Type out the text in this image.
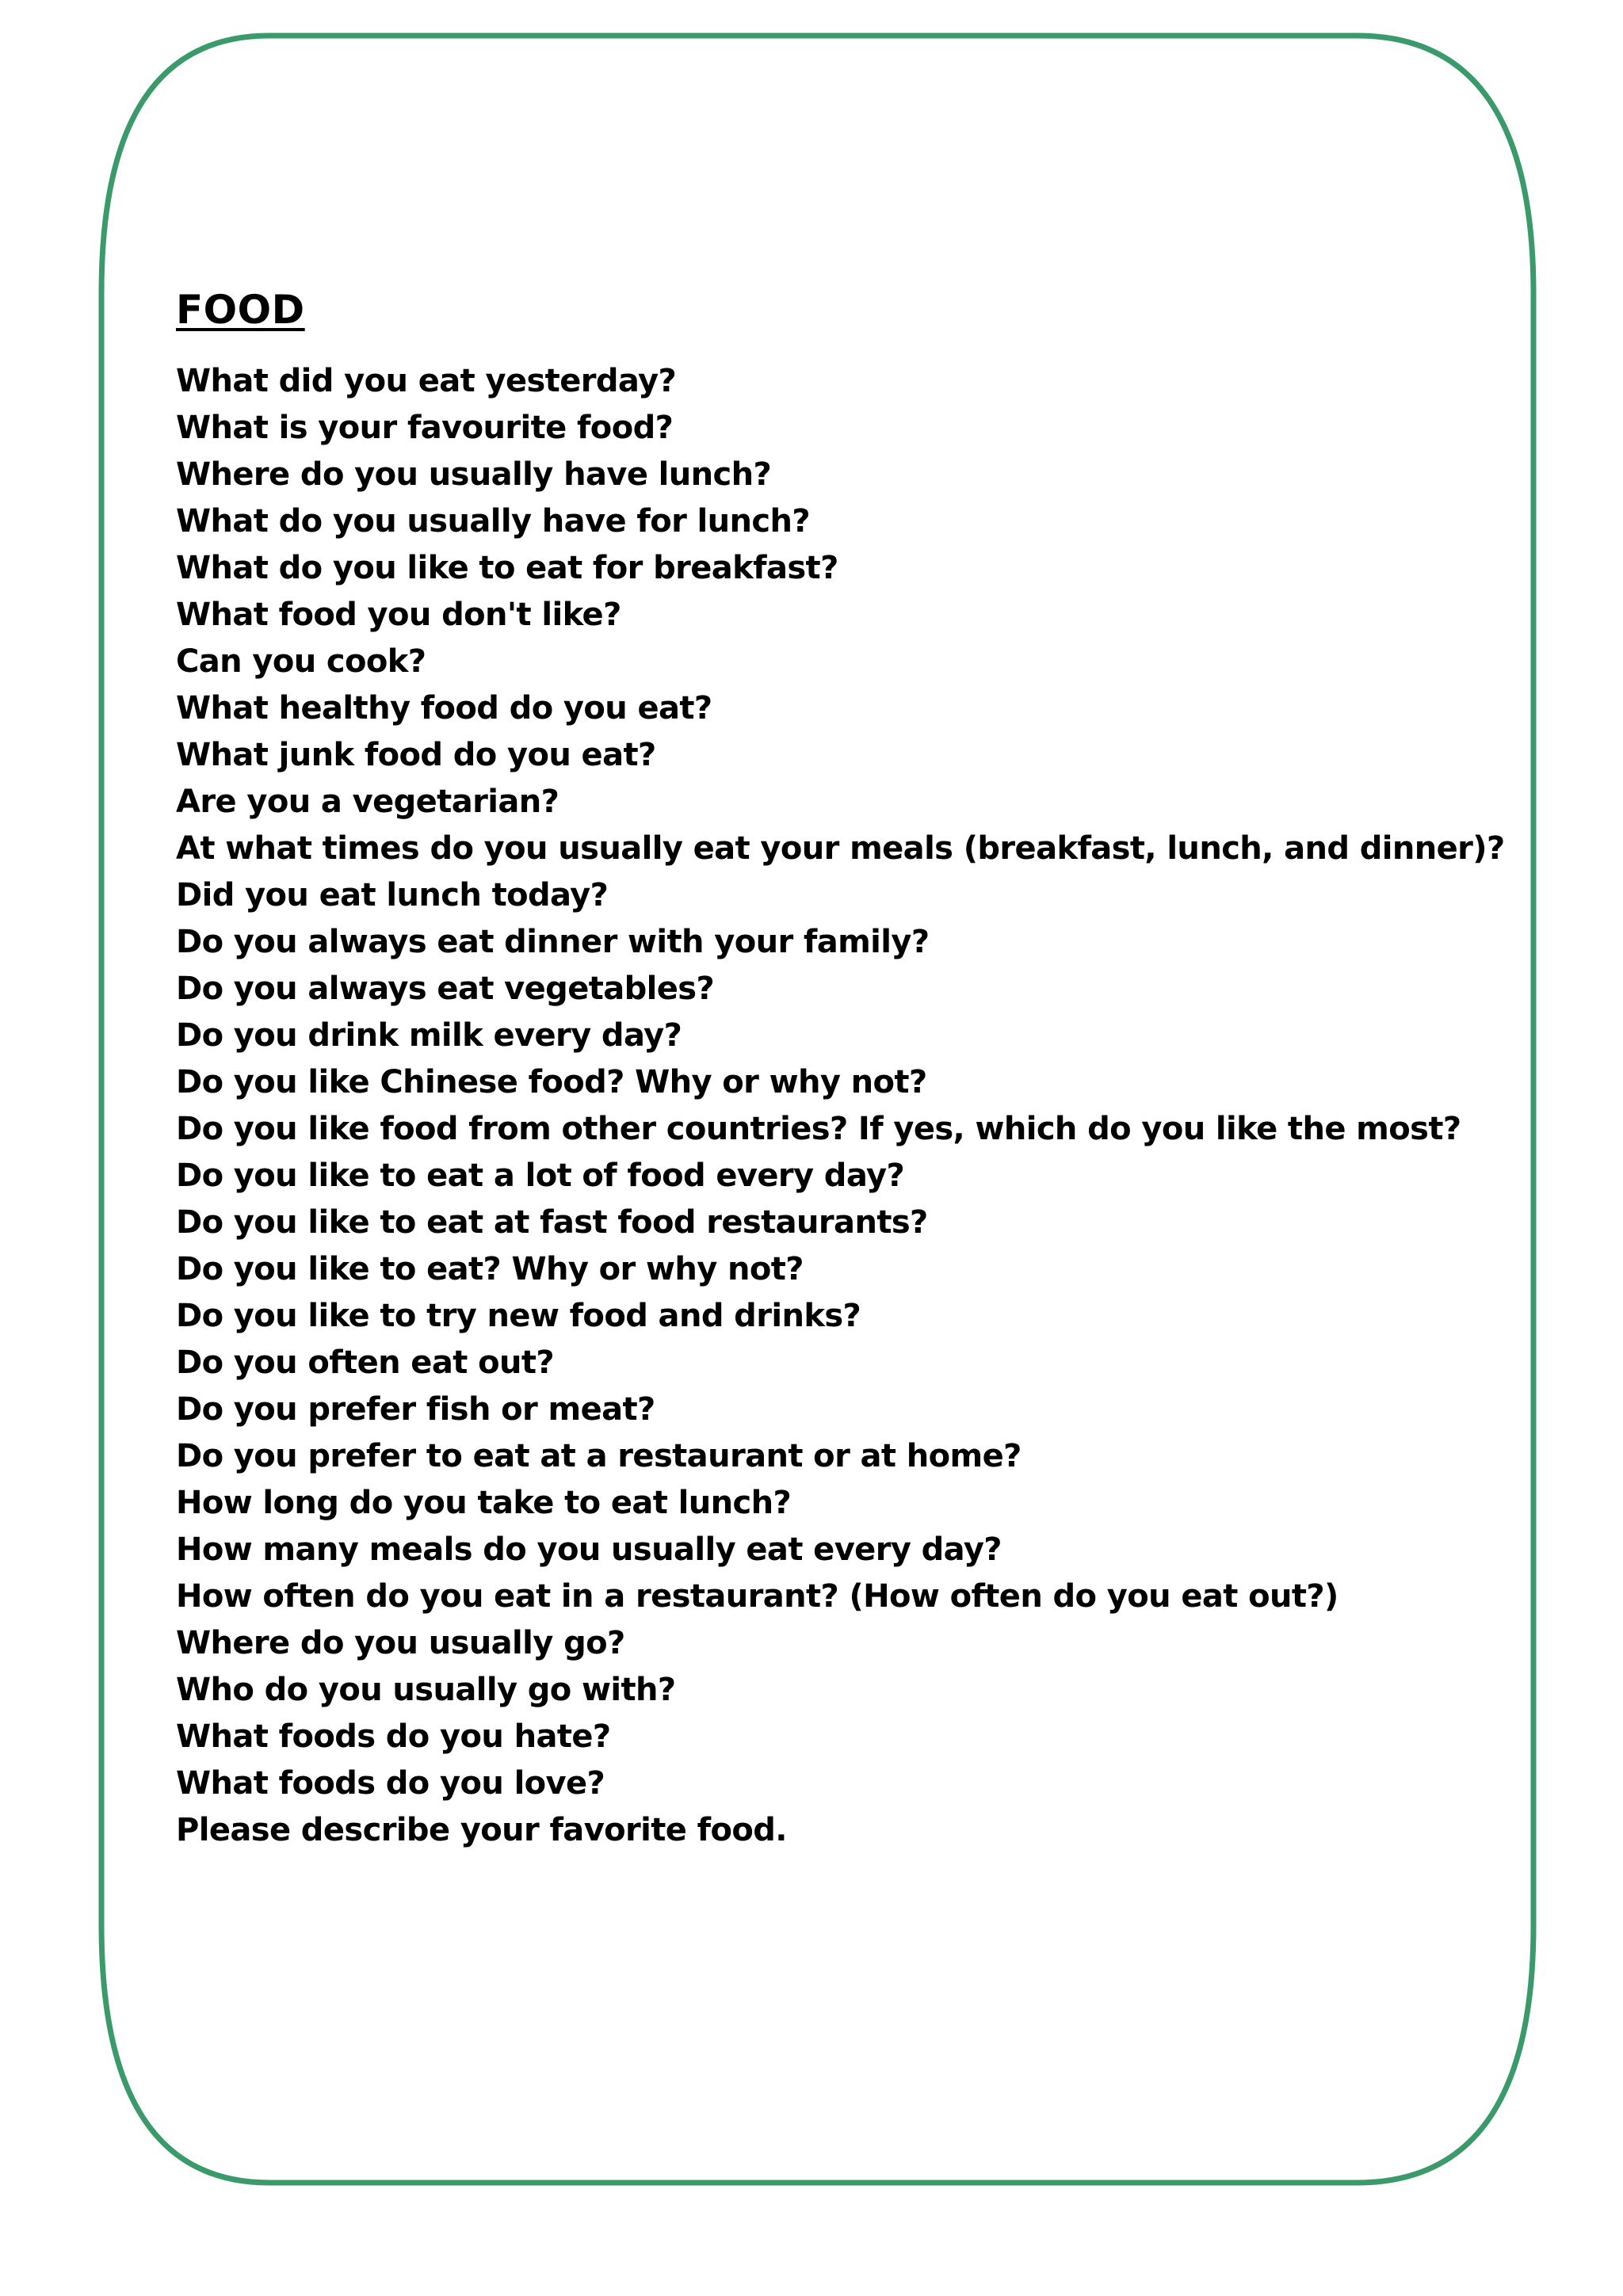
FOOD
What did you eat yesterday?
What is your favourite food?
Where do you usually have lunch?
What do you usually have for lunch?
What do you like to eat for breakfast?
What food you don't like?
Can you cook?
What healthy food do you eat?
What junk food do you eat?
Are you a vegetarian?
At what times do you usually eat your meals (breakfast, lunch, and dinner)?
Did you eat lunch today?
Do you always eat dinner with your family?
Do you always eat vegetables?
Do you drink milk every day?
Do you like Chinese food? Why or why not?
Do you like food from other countries? If yes, which do you like the most?
Do you like to eat a lot of food every day?
Do you like to eat at fast food restaurants?
Do you like to eat? Why or why not?
Do you like to try new food and drinks?
Do you often eat out?
Do you prefer fish or meat?
Do you prefer to eat at a restaurant or at home?
How long do you take to eat lunch?
How many meals do you usually eat every day?
How often do you eat in a restaurant? (How often do you eat out?)
Where do you usually go?
Who do you usually go with?
What foods do you hate?
What foods do you love?
Please describe your favorite food.
